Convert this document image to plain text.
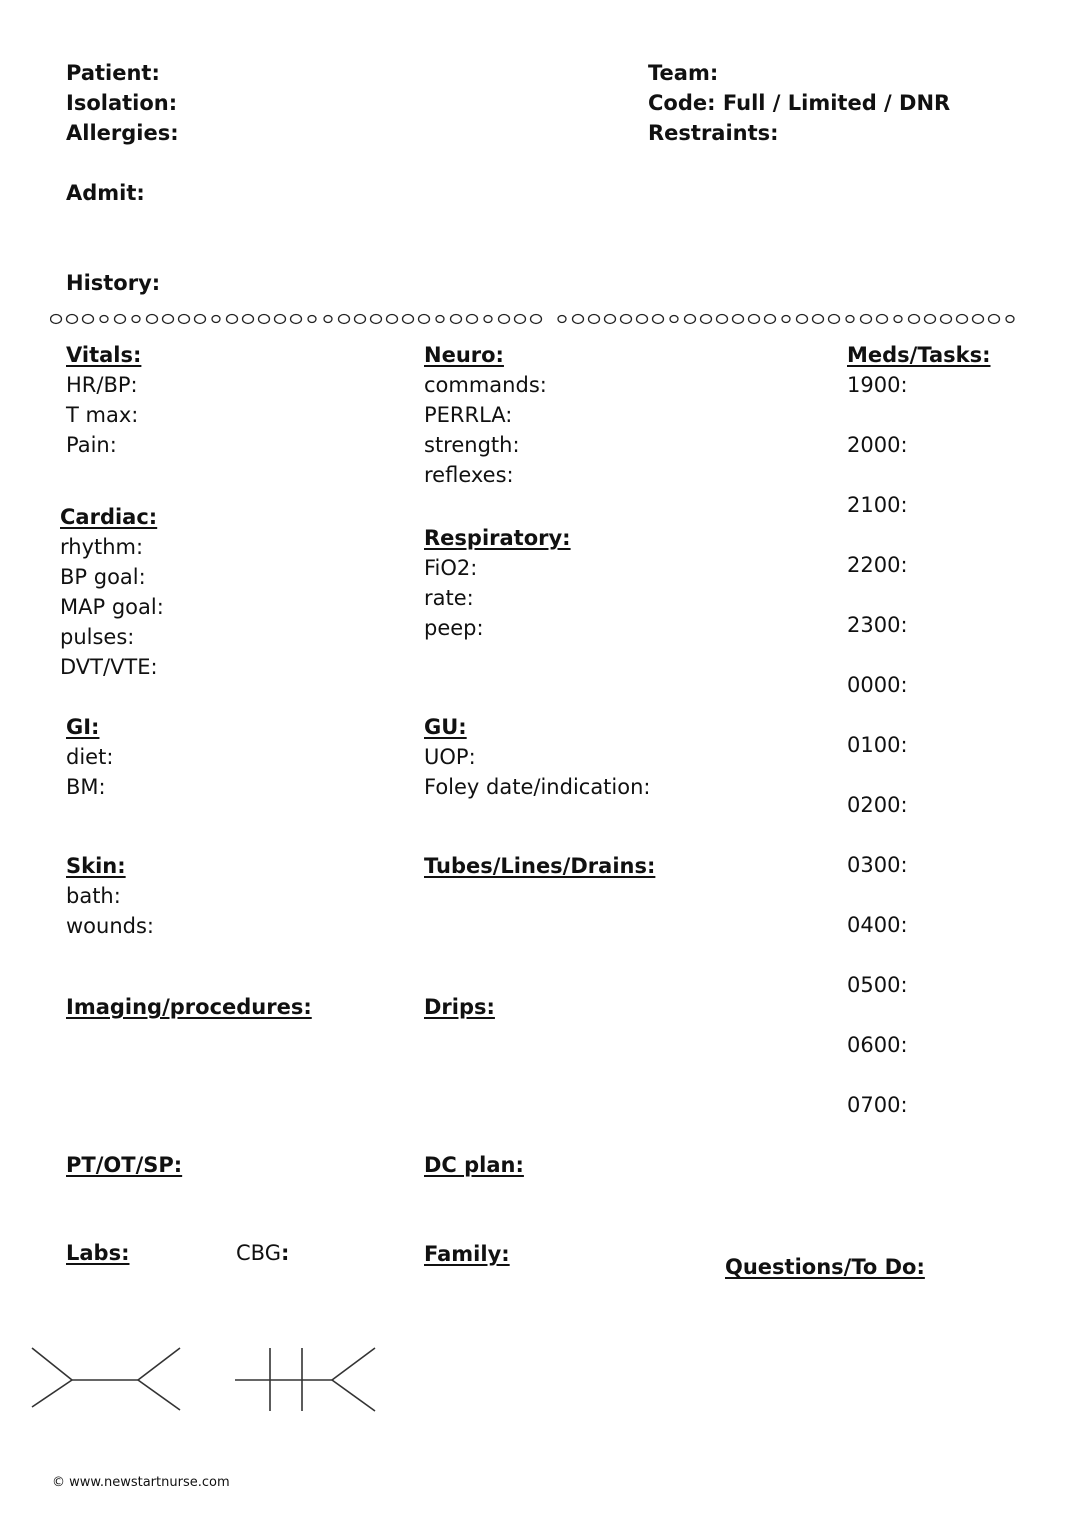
Patient:
Isolation:
Allergies:
Admit:
History:
Team:
Code: Full / Limited / DNR
Restraints:
Vitals:
HR/BP:
T max:
Pain:
Cardiac:
rhythm:
BP goal:
MAP goal:
pulses:
DVT/VTE:
GI:
diet:
BM:
Skin:
bath:
wounds:
Imaging/procedures:
PT/OT/SP:
Labs:	CBG:
Neuro:
commands:
PERRLA:
strength:
reflexes:
Respiratory:
FiO2:
rate:
peep:
GU:
UOP:
Foley date/indication:
Tubes/Lines/Drains:
Drips:
DC plan:
Family:
Meds/Tasks:
1900:
2000:
2100:
2200:
2300:
0000:
0100:
0200:
0300:
0400:
0500:
0600:
0700:
Questions/To Do:
© www.newstartnurse.com
